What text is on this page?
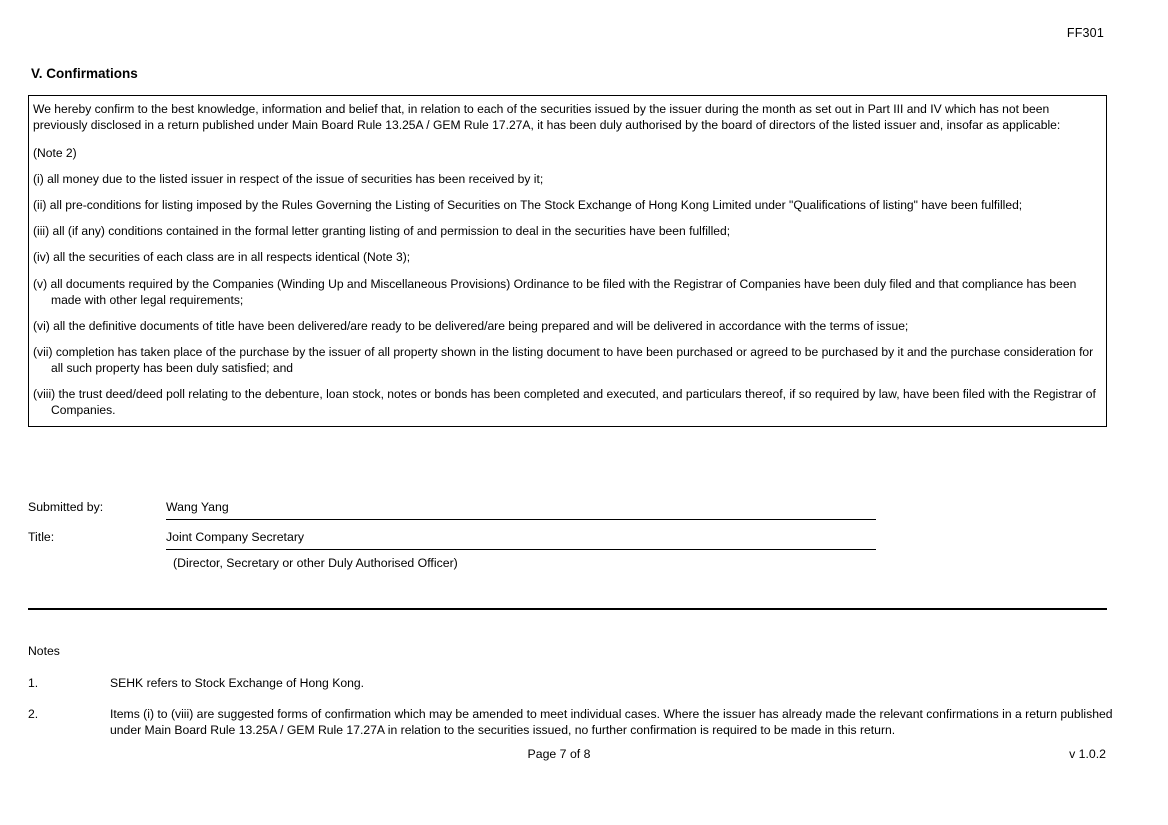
FF301
V. Confirmations

We hereby confirm to the best knowledge, information and belief that, in relation to each of the securities issued by the issuer during the month as set out in Part III and IV which has not been previously disclosed in a return published under Main Board Rule 13.25A / GEM Rule 17.27A, it has been duly authorised by the board of directors of the listed issuer and, insofar as applicable:

(Note 2)

(i) all money due to the listed issuer in respect of the issue of securities has been received by it;

(ii) all pre-conditions for listing imposed by the Rules Governing the Listing of Securities on The Stock Exchange of Hong Kong Limited under "Qualifications of listing" have been fulfilled;

(iii) all (if any) conditions contained in the formal letter granting listing of and permission to deal in the securities have been fulfilled;

(iv) all the securities of each class are in all respects identical (Note 3);

(v) all documents required by the Companies (Winding Up and Miscellaneous Provisions) Ordinance to be filed with the Registrar of Companies have been duly filed and that compliance has been made with other legal requirements;

(vi) all the definitive documents of title have been delivered/are ready to be delivered/are being prepared and will be delivered in accordance with the terms of issue;

(vii) completion has taken place of the purchase by the issuer of all property shown in the listing document to have been purchased or agreed to be purchased by it and the purchase consideration for all such property has been duly satisfied; and

(viii) the trust deed/deed poll relating to the debenture, loan stock, notes or bonds has been completed and executed, and particulars thereof, if so required by law, have been filed with the Registrar of Companies.

Submitted by:	Wang Yang
Title:	Joint Company Secretary
(Director, Secretary or other Duly Authorised Officer)
Notes
1.	SEHK refers to Stock Exchange of Hong Kong.
2.	Items (i) to (viii) are suggested forms of confirmation which may be amended to meet individual cases. Where the issuer has already made the relevant confirmations in a return published under Main Board Rule 13.25A / GEM Rule 17.27A in relation to the securities issued, no further confirmation is required to be made in this return.
Page 7 of 8	v 1.0.2
